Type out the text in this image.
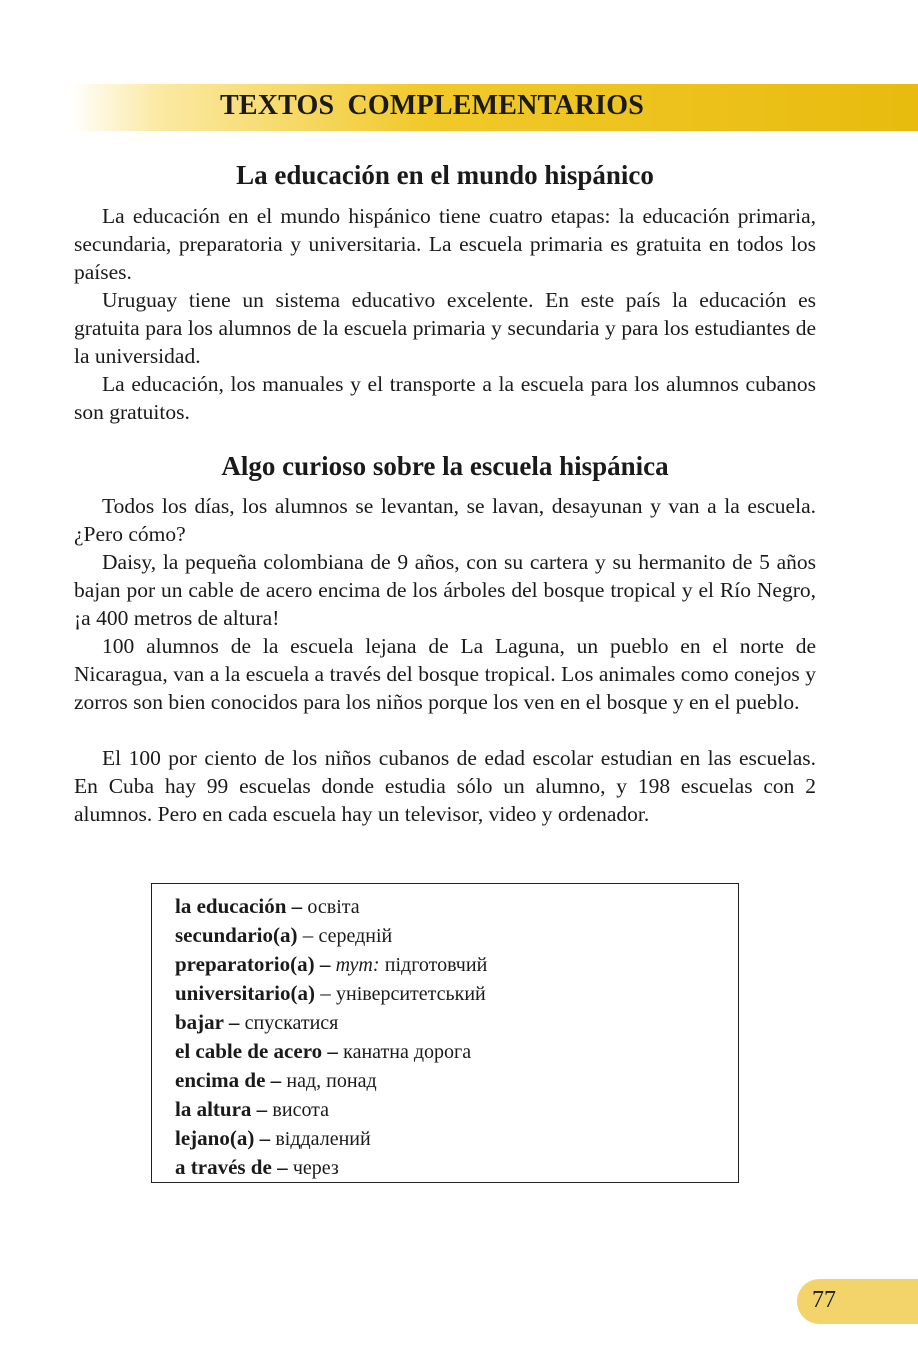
TEXTOS COMPLEMENTARIOS
La educación en el mundo hispánico

La educación en el mundo hispánico tiene cuatro etapas: la educación primaria, secundaria, preparatoria y universitaria. La escuela primaria es gratuita en todos los países.

Uruguay tiene un sistema educativo excelente. En este país la educación es gratuita para los alumnos de la escuela primaria y secundaria y para los estudiantes de la universidad.

La educación, los manuales y el transporte a la escuela para los alumnos cubanos son gratuitos.

Algo curioso sobre la escuela hispánica

Todos los días, los alumnos se levantan, se lavan, desayunan y van a la escuela. ¿Pero cómo?

Daisy, la pequeña colombiana de 9 años, con su cartera y su hermanito de 5 años bajan por un cable de acero encima de los árboles del bosque tropical y el Río Negro, ¡a 400 metros de altura!

100 alumnos de la escuela lejana de La Laguna, un pueblo en el norte de Nicaragua, van a la escuela a través del bosque tropical. Los animales como conejos y zorros son bien conocidos para los niños porque los ven en el bosque y en el pueblo.

El 100 por ciento de los niños cubanos de edad escolar estudian en las escuelas. En Cuba hay 99 escuelas donde estudia sólo un alumno, y 198 escuelas con 2 alumnos. Pero en cada escuela hay un televisor, video y ordenador.

la educación – освіта
secundario(a) – середній
preparatorio(a) – тут: підготовчий
universitario(a) – університетський
bajar – спускатися
el cable de acero – канатна дорога
encima de – над, понад
la altura – висота
lejano(a) – віддалений
a través de – через
77
